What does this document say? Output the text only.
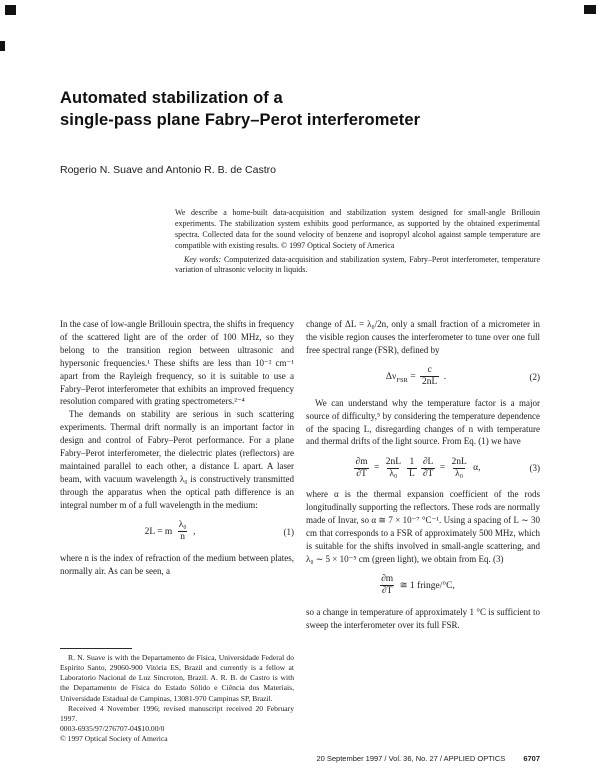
Automated stabilization of a
single-pass plane Fabry–Perot interferometer
Rogerio N. Suave and Antonio R. B. de Castro

We describe a home-built data-acquisition and stabilization system designed for small-angle Brillouin experiments. The stabilization system exhibits good performance, as supported by the obtained experimental spectra. Collected data for the sound velocity of benzene and isopropyl alcohol against sample temperature are compatible with existing results. © 1997 Optical Society of America

Key words: Computerized data-acquisition and stabilization system, Fabry–Perot interferometer, temperature variation of ultrasonic velocity in liquids.

In the case of low-angle Brillouin spectra, the shifts in frequency of the scattered light are of the order of 100 MHz, so they belong to the transition region between ultrasonic and hypersonic frequencies.¹ These shifts are less than 10⁻² cm⁻¹ apart from the Rayleigh frequency, so it is suitable to use a Fabry–Perot interferometer that exhibits an improved frequency resolution compared with grating spectrometers.²⁻⁴

The demands on stability are serious in such scattering experiments. Thermal drift normally is an important factor in design and control of Fabry–Perot performance. For a plane Fabry–Perot interferometer, the dielectric plates (reflectors) are maintained parallel to each other, a distance L apart. A laser beam, with vacuum wavelength λ₀ is constructively transmitted through the apparatus when the optical path difference is an integral number m of a full wavelength in the medium:

2L = m $\frac{\text{λ₀}}{n}$ ,	(1)

where n is the index of refraction of the medium between plates, normally air. As can be seen, a

R. N. Suave is with the Departamento de Física, Universidade Federal do Espírito Santo, 29060-900 Vitória ES, Brazil and currently is a fellow at Laboratorio Nacional de Luz Síncroton, Brazil. A. R. B. de Castro is with the Departamento de Física do Estado Sólido e Ciência dos Materiais, Universidade Estadual de Campinas, 13081-970 Campinas SP, Brazil.

Received 4 November 1996; revised manuscript received 20 February 1997.

0003-6935/97/276707-04$10.00/0

© 1997 Optical Society of America

change of ΔL = λ₀/2n, only a small fraction of a micrometer in the visible region causes the interferometer to tune over one full free spectral range (FSR), defined by

Δν FSR = $\frac{c}{2nL}$ .	(2)

We can understand why the temperature factor is a major source of difficulty,⁵ by considering the temperature dependence of the spacing L, disregarding changes of n with temperature and thermal drifts of the light source. From Eq. (1) we have

$\frac{\partial m}{\partial T} = \frac{2nL}{\text{λ₀}} \frac{1}{L} \frac{\partial L}{\partial T} = \frac{2nL}{\text{λ₀}} \alpha$,	(3)

where α is the thermal expansion coefficient of the rods longitudinally supporting the reflectors. These rods are normally made of Invar, so α ≅ 7 × 10⁻⁷ °C⁻¹. Using a spacing of L ∼ 30 cm that corresponds to a FSR of approximately 500 MHz, which is suitable for the shifts involved in small-angle scattering, and λ₀ ∼ 5 × 10⁻⁵ cm (green light), we obtain from Eq. (3)

$\frac{\partial m}{\partial T}$ ≅ 1 fringe/°C,

so a change in temperature of approximately 1 °C is sufficient to sweep the interferometer over its full FSR.

20 September 1997 / Vol. 36, No. 27 / APPLIED OPTICS 6707
